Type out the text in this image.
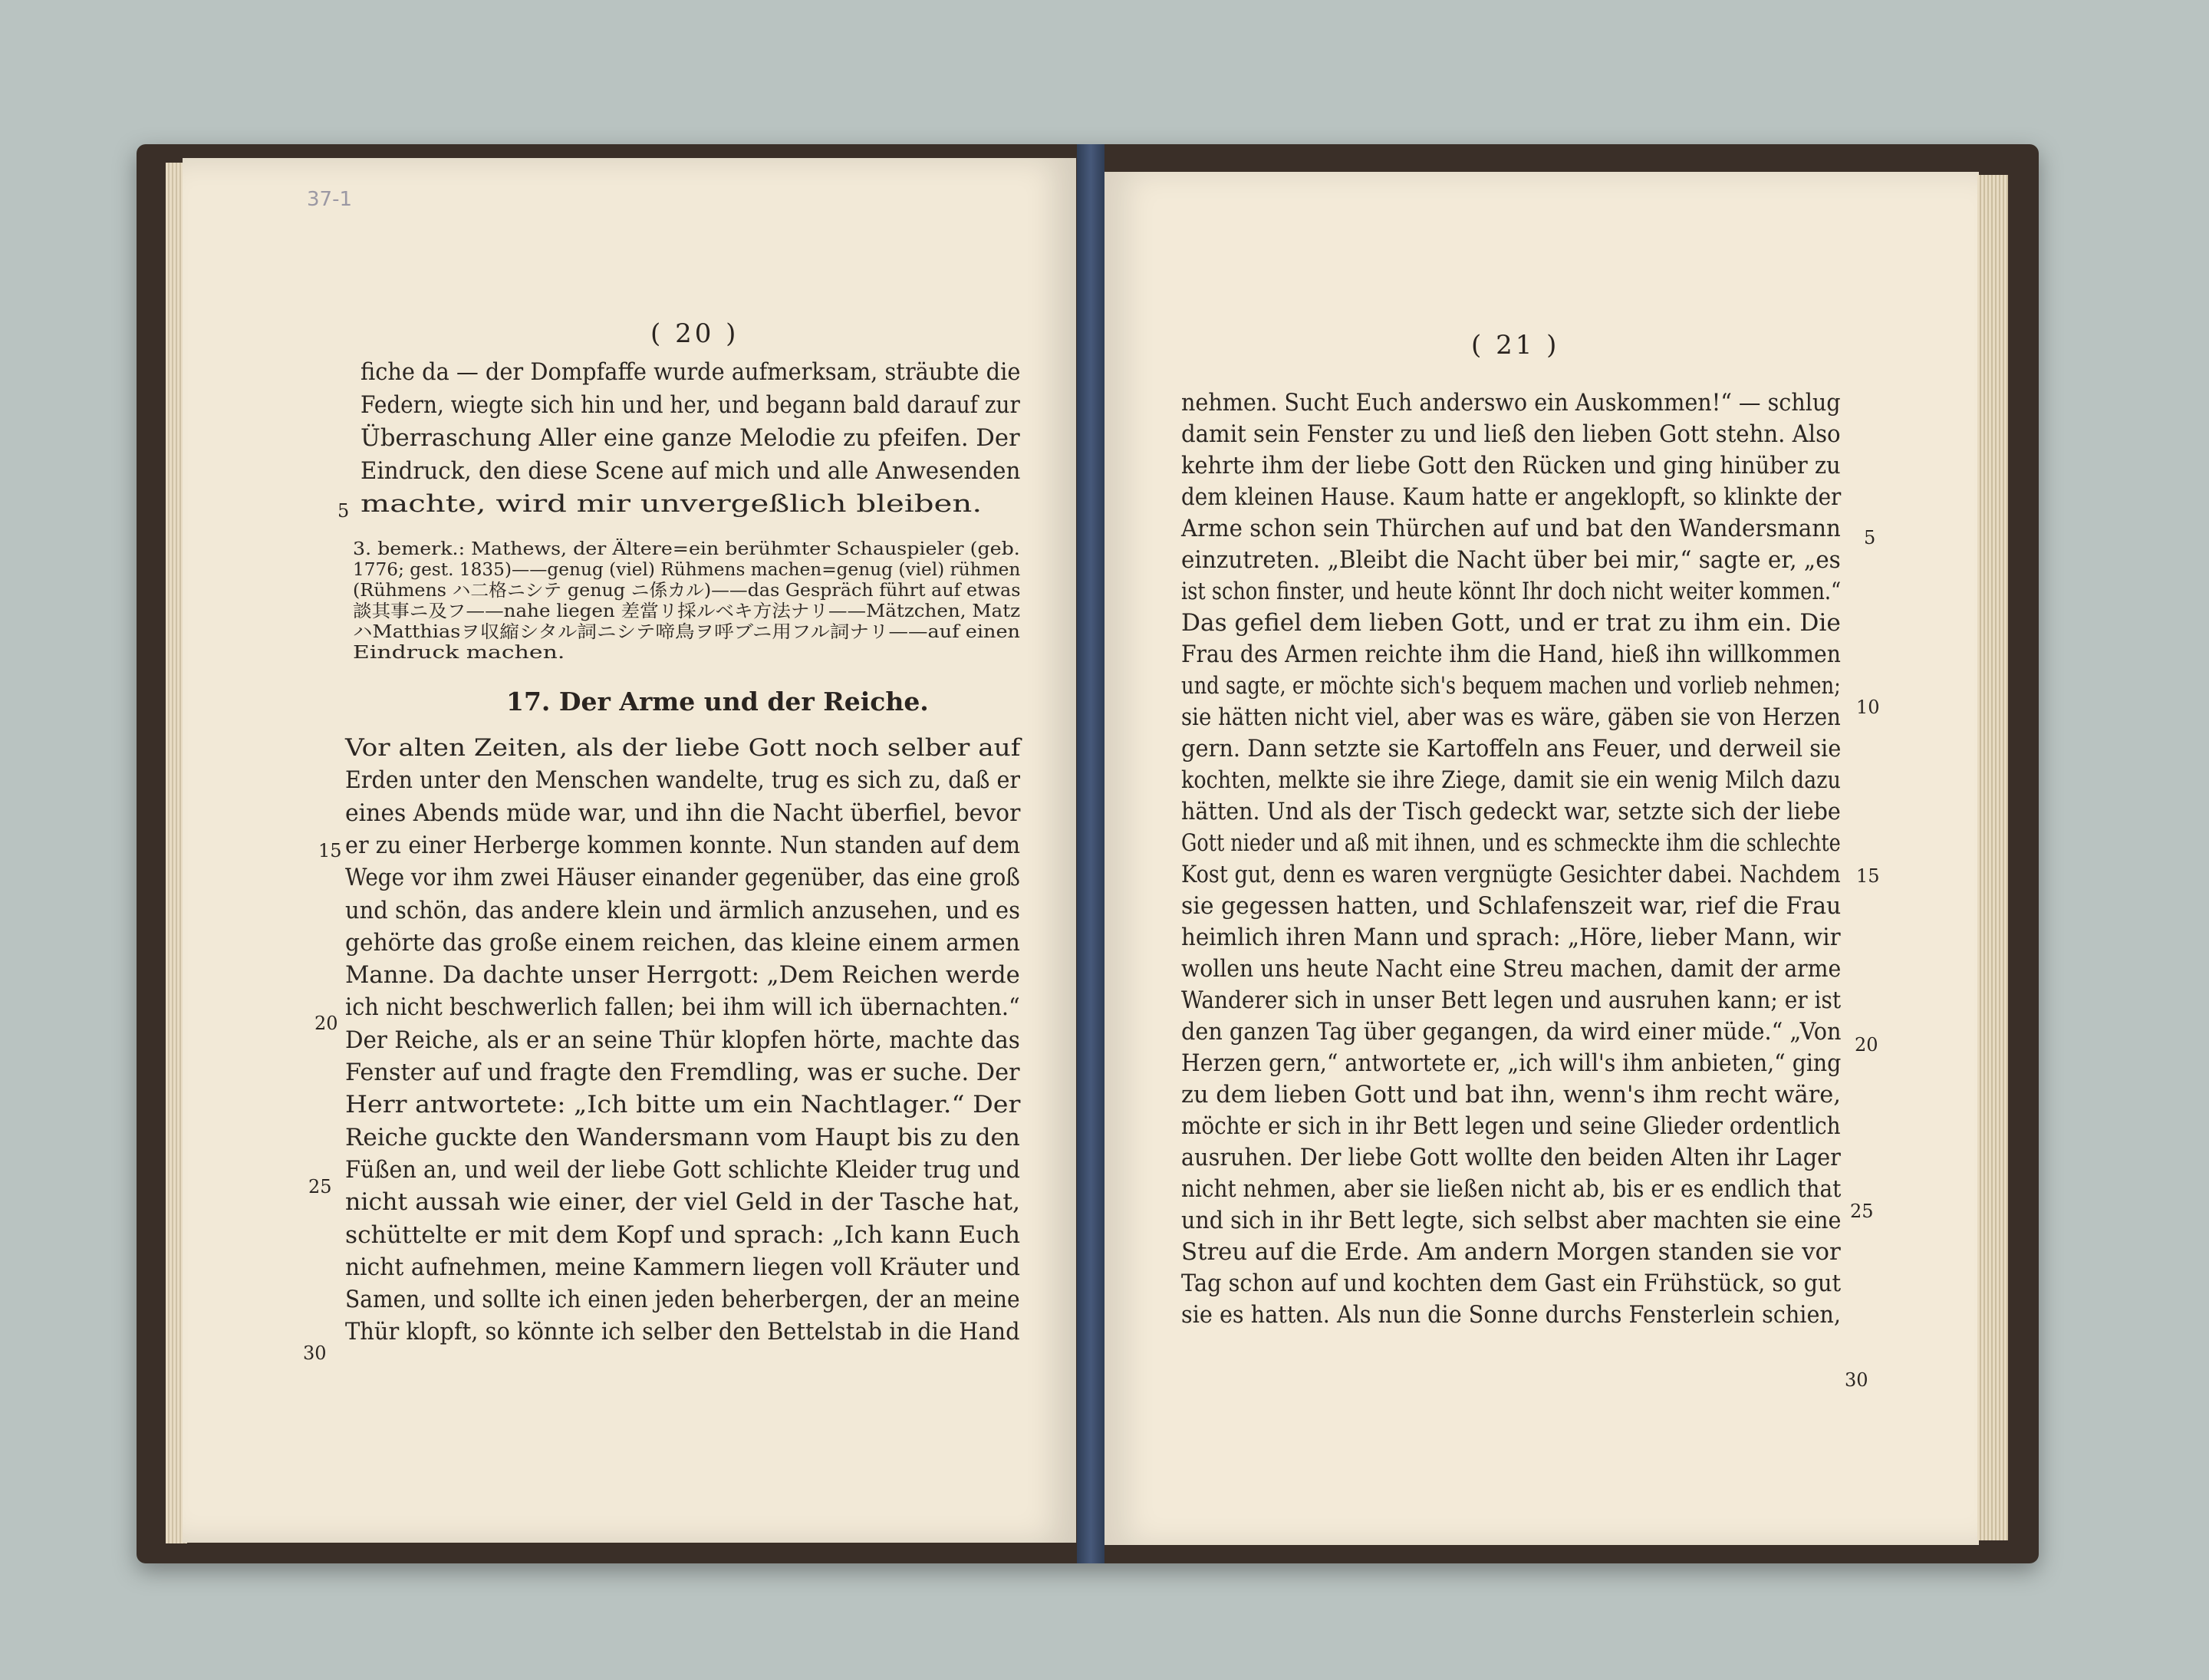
37-1
( 20 )
fiche da — der Dompfaffe wurde aufmerksam, sträubte die
Federn, wiegte sich hin und her, und begann bald darauf zur
Überraschung Aller eine ganze Melodie zu pfeifen. Der
Eindruck, den diese Scene auf mich und alle Anwesenden
machte, wird mir unvergeßlich bleiben.
3. bemerk.: Mathews, der Ältere=ein berühmter Schauspieler (geb.
1776; gest. 1835)——genug (viel) Rühmens machen=genug (viel) rühmen
(Rühmens ハ二格ニシテ genug ニ係カル)——das Gespräch führt auf etwas
談其事ニ及フ——nahe liegen 差當リ採ルベキ方法ナリ——Mätzchen, Matz
ハMatthiasヲ収縮シタル詞ニシテ啼鳥ヲ呼ブニ用フル詞ナリ——auf einen
Eindruck machen.
17. Der Arme und der Reiche.
Vor alten Zeiten, als der liebe Gott noch selber auf
Erden unter den Menschen wandelte, trug es sich zu, daß er
eines Abends müde war, und ihn die Nacht überfiel, bevor
er zu einer Herberge kommen konnte. Nun standen auf dem
Wege vor ihm zwei Häuser einander gegenüber, das eine groß
und schön, das andere klein und ärmlich anzusehen, und es
gehörte das große einem reichen, das kleine einem armen
Manne. Da dachte unser Herrgott: „Dem Reichen werde
ich nicht beschwerlich fallen; bei ihm will ich übernachten.“
Der Reiche, als er an seine Thür klopfen hörte, machte das
Fenster auf und fragte den Fremdling, was er suche. Der
Herr antwortete: „Ich bitte um ein Nachtlager.“ Der
Reiche guckte den Wandersmann vom Haupt bis zu den
Füßen an, und weil der liebe Gott schlichte Kleider trug und
nicht aussah wie einer, der viel Geld in der Tasche hat,
schüttelte er mit dem Kopf und sprach: „Ich kann Euch
nicht aufnehmen, meine Kammern liegen voll Kräuter und
Samen, und sollte ich einen jeden beherbergen, der an meine
Thür klopft, so könnte ich selber den Bettelstab in die Hand
5
15
20
25
30
( 21 )
nehmen. Sucht Euch anderswo ein Auskommen!“ — schlug
damit sein Fenster zu und ließ den lieben Gott stehn. Also
kehrte ihm der liebe Gott den Rücken und ging hinüber zu
dem kleinen Hause. Kaum hatte er angeklopft, so klinkte der
Arme schon sein Thürchen auf und bat den Wandersmann
einzutreten. „Bleibt die Nacht über bei mir,“ sagte er, „es
ist schon finster, und heute könnt Ihr doch nicht weiter kommen.“
Das gefiel dem lieben Gott, und er trat zu ihm ein. Die
Frau des Armen reichte ihm die Hand, hieß ihn willkommen
und sagte, er möchte sich's bequem machen und vorlieb nehmen;
sie hätten nicht viel, aber was es wäre, gäben sie von Herzen
gern. Dann setzte sie Kartoffeln ans Feuer, und derweil sie
kochten, melkte sie ihre Ziege, damit sie ein wenig Milch dazu
hätten. Und als der Tisch gedeckt war, setzte sich der liebe
Gott nieder und aß mit ihnen, und es schmeckte ihm die schlechte
Kost gut, denn es waren vergnügte Gesichter dabei. Nachdem
sie gegessen hatten, und Schlafenszeit war, rief die Frau
heimlich ihren Mann und sprach: „Höre, lieber Mann, wir
wollen uns heute Nacht eine Streu machen, damit der arme
Wanderer sich in unser Bett legen und ausruhen kann; er ist
den ganzen Tag über gegangen, da wird einer müde.“ „Von
Herzen gern,“ antwortete er, „ich will's ihm anbieten,“ ging
zu dem lieben Gott und bat ihn, wenn's ihm recht wäre,
möchte er sich in ihr Bett legen und seine Glieder ordentlich
ausruhen. Der liebe Gott wollte den beiden Alten ihr Lager
nicht nehmen, aber sie ließen nicht ab, bis er es endlich that
und sich in ihr Bett legte, sich selbst aber machten sie eine
Streu auf die Erde. Am andern Morgen standen sie vor
Tag schon auf und kochten dem Gast ein Frühstück, so gut
sie es hatten. Als nun die Sonne durchs Fensterlein schien,
5
10
15
20
25
30
